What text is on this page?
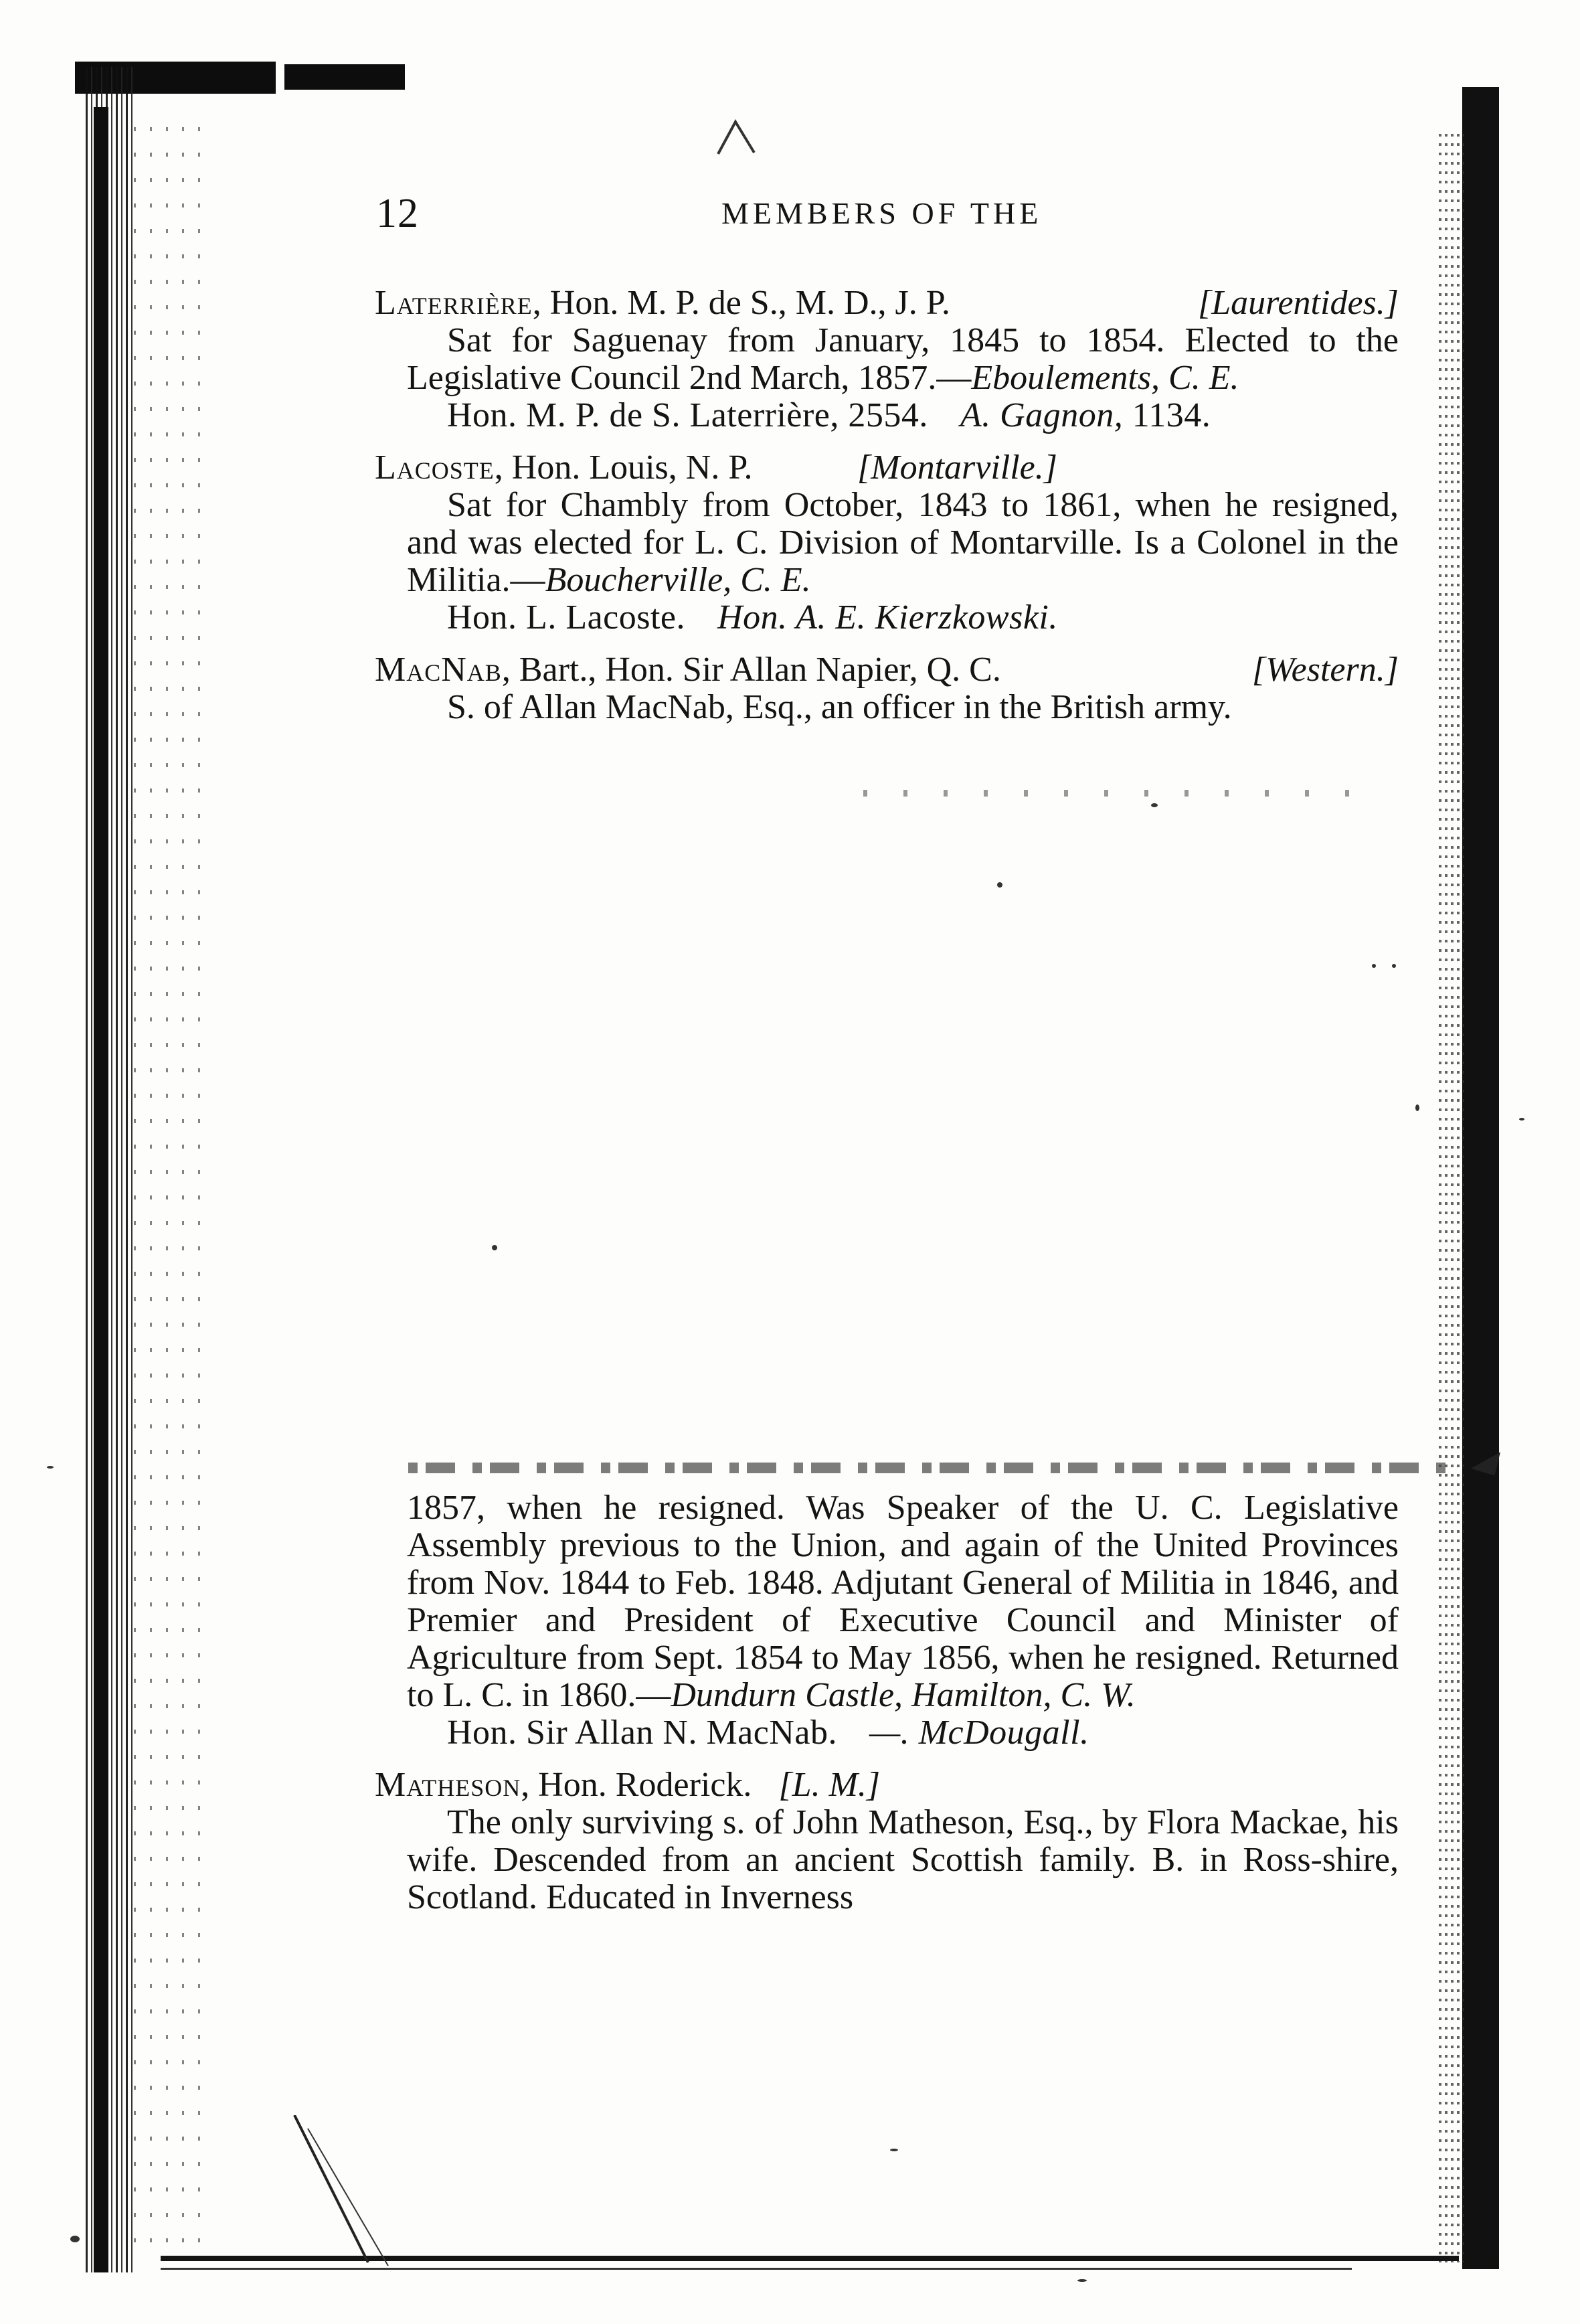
12	MEMBERS OF THE
Laterrière, Hon. M. P. de S., M. D., J. P.	[Laurentides.]
Sat for Saguenay from January, 1845 to 1854. Elected to the Legislative Council 2nd March, 1857.—Eboulements, C. E.
Hon. M. P. de S. Laterrière, 2554. A. Gagnon, 1134.
Lacoste, Hon. Louis, N. P.	[Montarville.]
Sat for Chambly from October, 1843 to 1861, when he resigned, and was elected for L. C. Division of Montarville. Is a Colonel in the Militia.—Boucherville, C. E.
Hon. L. Lacoste. Hon. A. E. Kierzkowski.
MacNab, Bart., Hon. Sir Allan Napier, Q. C.	[Western.]
S. of Allan MacNab, Esq., an officer in the British army.
1857, when he resigned. Was Speaker of the U. C. Legislative Assembly previous to the Union, and again of the United Provinces from Nov. 1844 to Feb. 1848. Adjutant General of Militia in 1846, and Premier and President of Executive Council and Minister of Agriculture from Sept. 1854 to May 1856, when he resigned. Returned to L. C. in 1860.—Dundurn Castle, Hamilton, C. W.
Hon. Sir Allan N. MacNab. —. McDougall.
Matheson, Hon. Roderick. [L. M.]
The only surviving s. of John Matheson, Esq., by Flora Mackae, his wife. Descended from an ancient Scottish family. B. in Ross-shire, Scotland. Educated in Inverness
